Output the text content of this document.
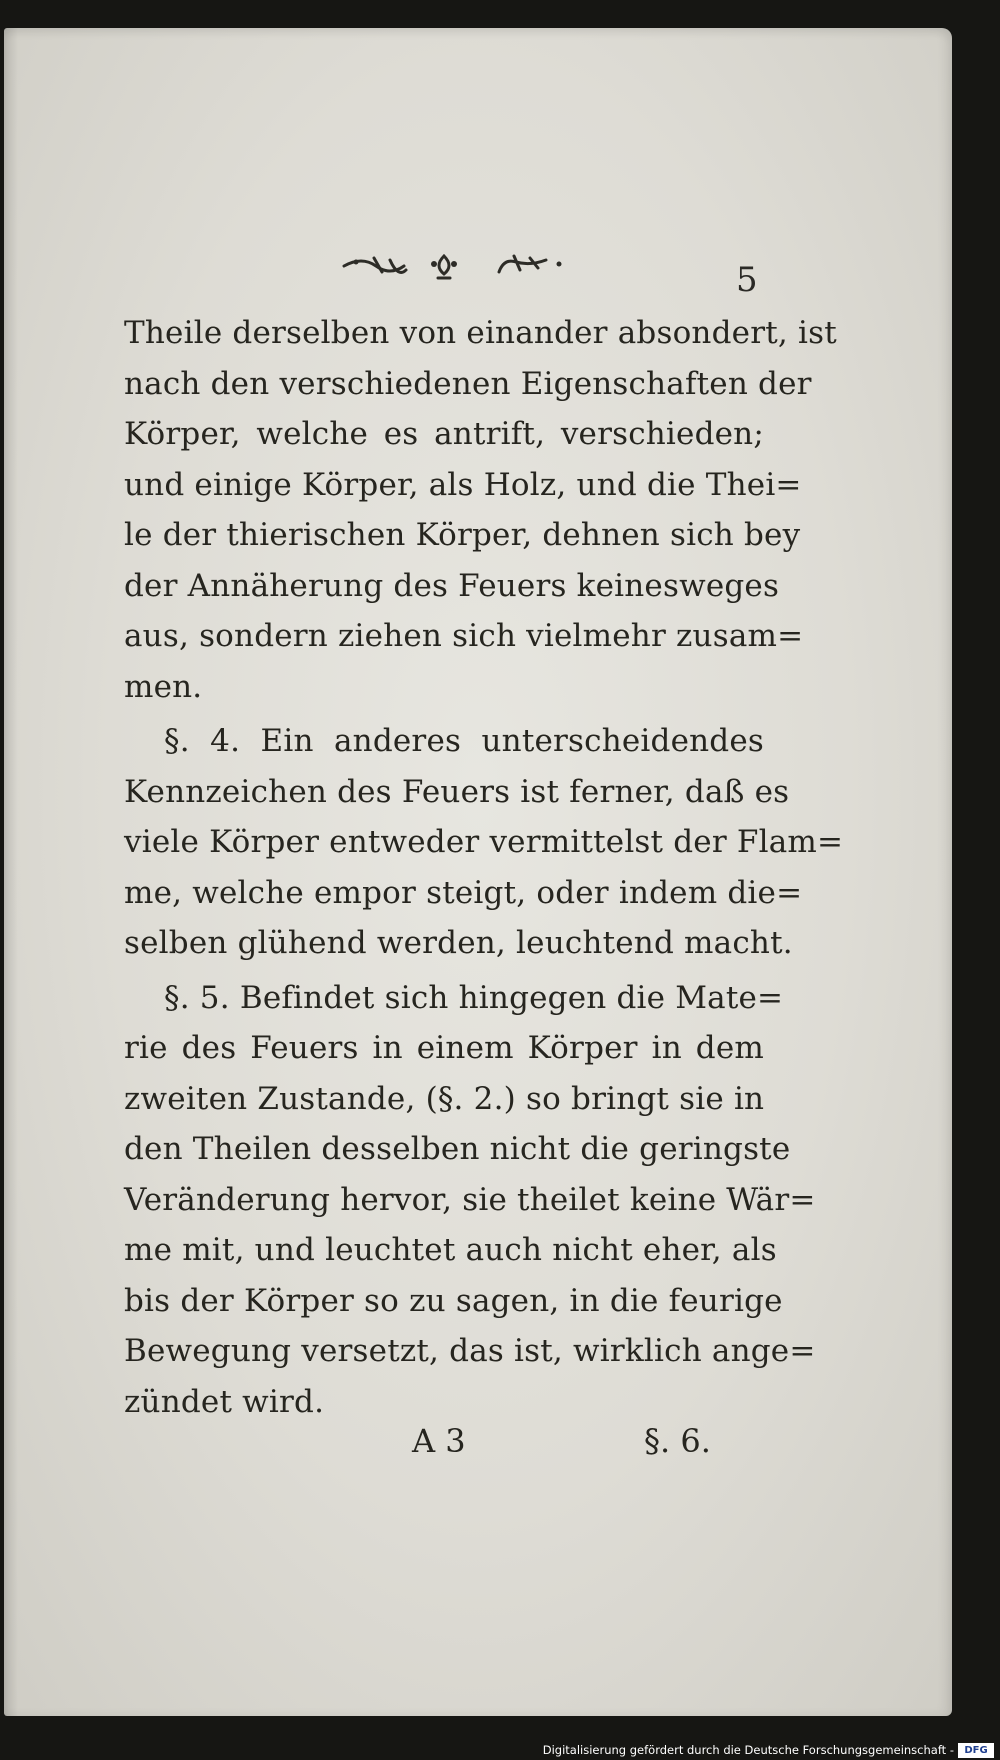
5

Theile derselben von einander absondert, ist
nach den verschiedenen Eigenschaften der
Körper, welche es antrift, verschieden;
und einige Körper, als Holz, und die Thei=
le der thierischen Körper, dehnen sich bey
der Annäherung des Feuers keinesweges
aus, sondern ziehen sich vielmehr zusam=
men.

§. 4. Ein anderes unterscheidendes
Kennzeichen des Feuers ist ferner, daß es
viele Körper entweder vermittelst der Flam=
me, welche empor steigt, oder indem die=
selben glühend werden, leuchtend macht.

§. 5. Befindet sich hingegen die Mate=
rie des Feuers in einem Körper in dem
zweiten Zustande, (§. 2.) so bringt sie in
den Theilen desselben nicht die geringste
Veränderung hervor, sie theilet keine Wär=
me mit, und leuchtet auch nicht eher, als
bis der Körper so zu sagen, in die feurige
Bewegung versetzt, das ist, wirklich ange=
zündet wird.

A 3	§. 6.

Digitalisierung gefördert durch die Deutsche Forschungsgemeinschaft -	DFG
